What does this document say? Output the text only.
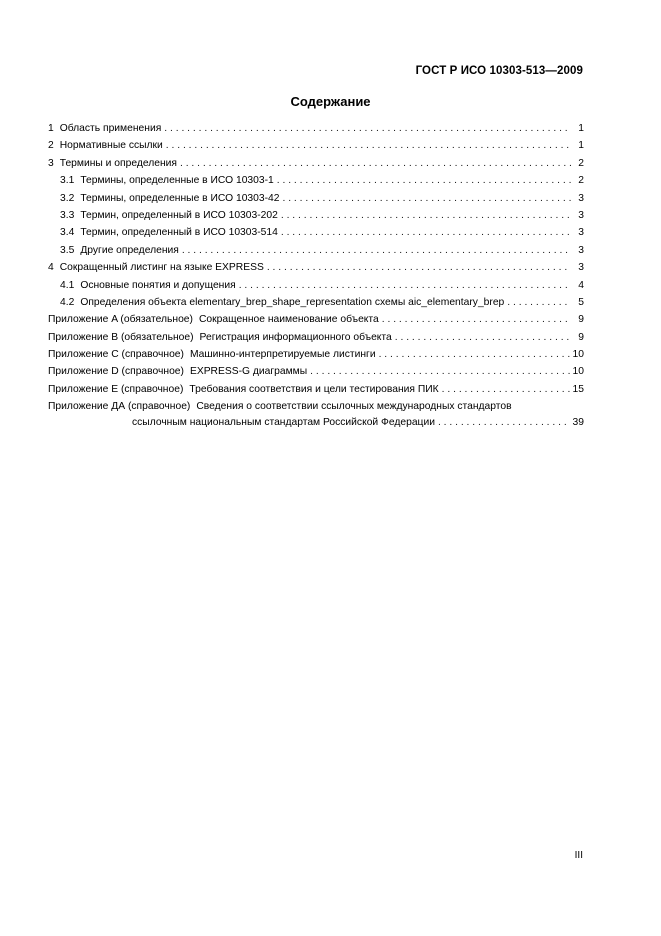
ГОСТ Р ИСО 10303-513—2009
Содержание
1 Область применения . . .	1
2 Нормативные ссылки . . .	1
3 Термины и определения . . .	2
3.1 Термины, определенные в ИСО 10303-1 . . .	2
3.2 Термины, определенные в ИСО 10303-42 . . .	3
3.3 Термин, определенный в ИСО 10303-202 . . .	3
3.4 Термин, определенный в ИСО 10303-514 . . .	3
3.5 Другие определения . . .	3
4 Сокращенный листинг на языке EXPRESS . . .	3
4.1 Основные понятия и допущения . . .	4
4.2 Определения объекта elementary_brep_shape_representation схемы aic_elementary_brep . . .	5
Приложение A (обязательное) Сокращенное наименование объекта . . .	9
Приложение B (обязательное) Регистрация информационного объекта . . .	9
Приложение C (справочное) Машинно-интерпретируемые листинги . . .	10
Приложение D (справочное) EXPRESS-G диаграммы . . .	10
Приложение E (справочное) Требования соответствия и цели тестирования ПИК . . .	15
Приложение ДА (справочное) Сведения о соответствии ссылочных международных стандартов
ссылочным национальным стандартам Российской Федерации . . .	39
III
